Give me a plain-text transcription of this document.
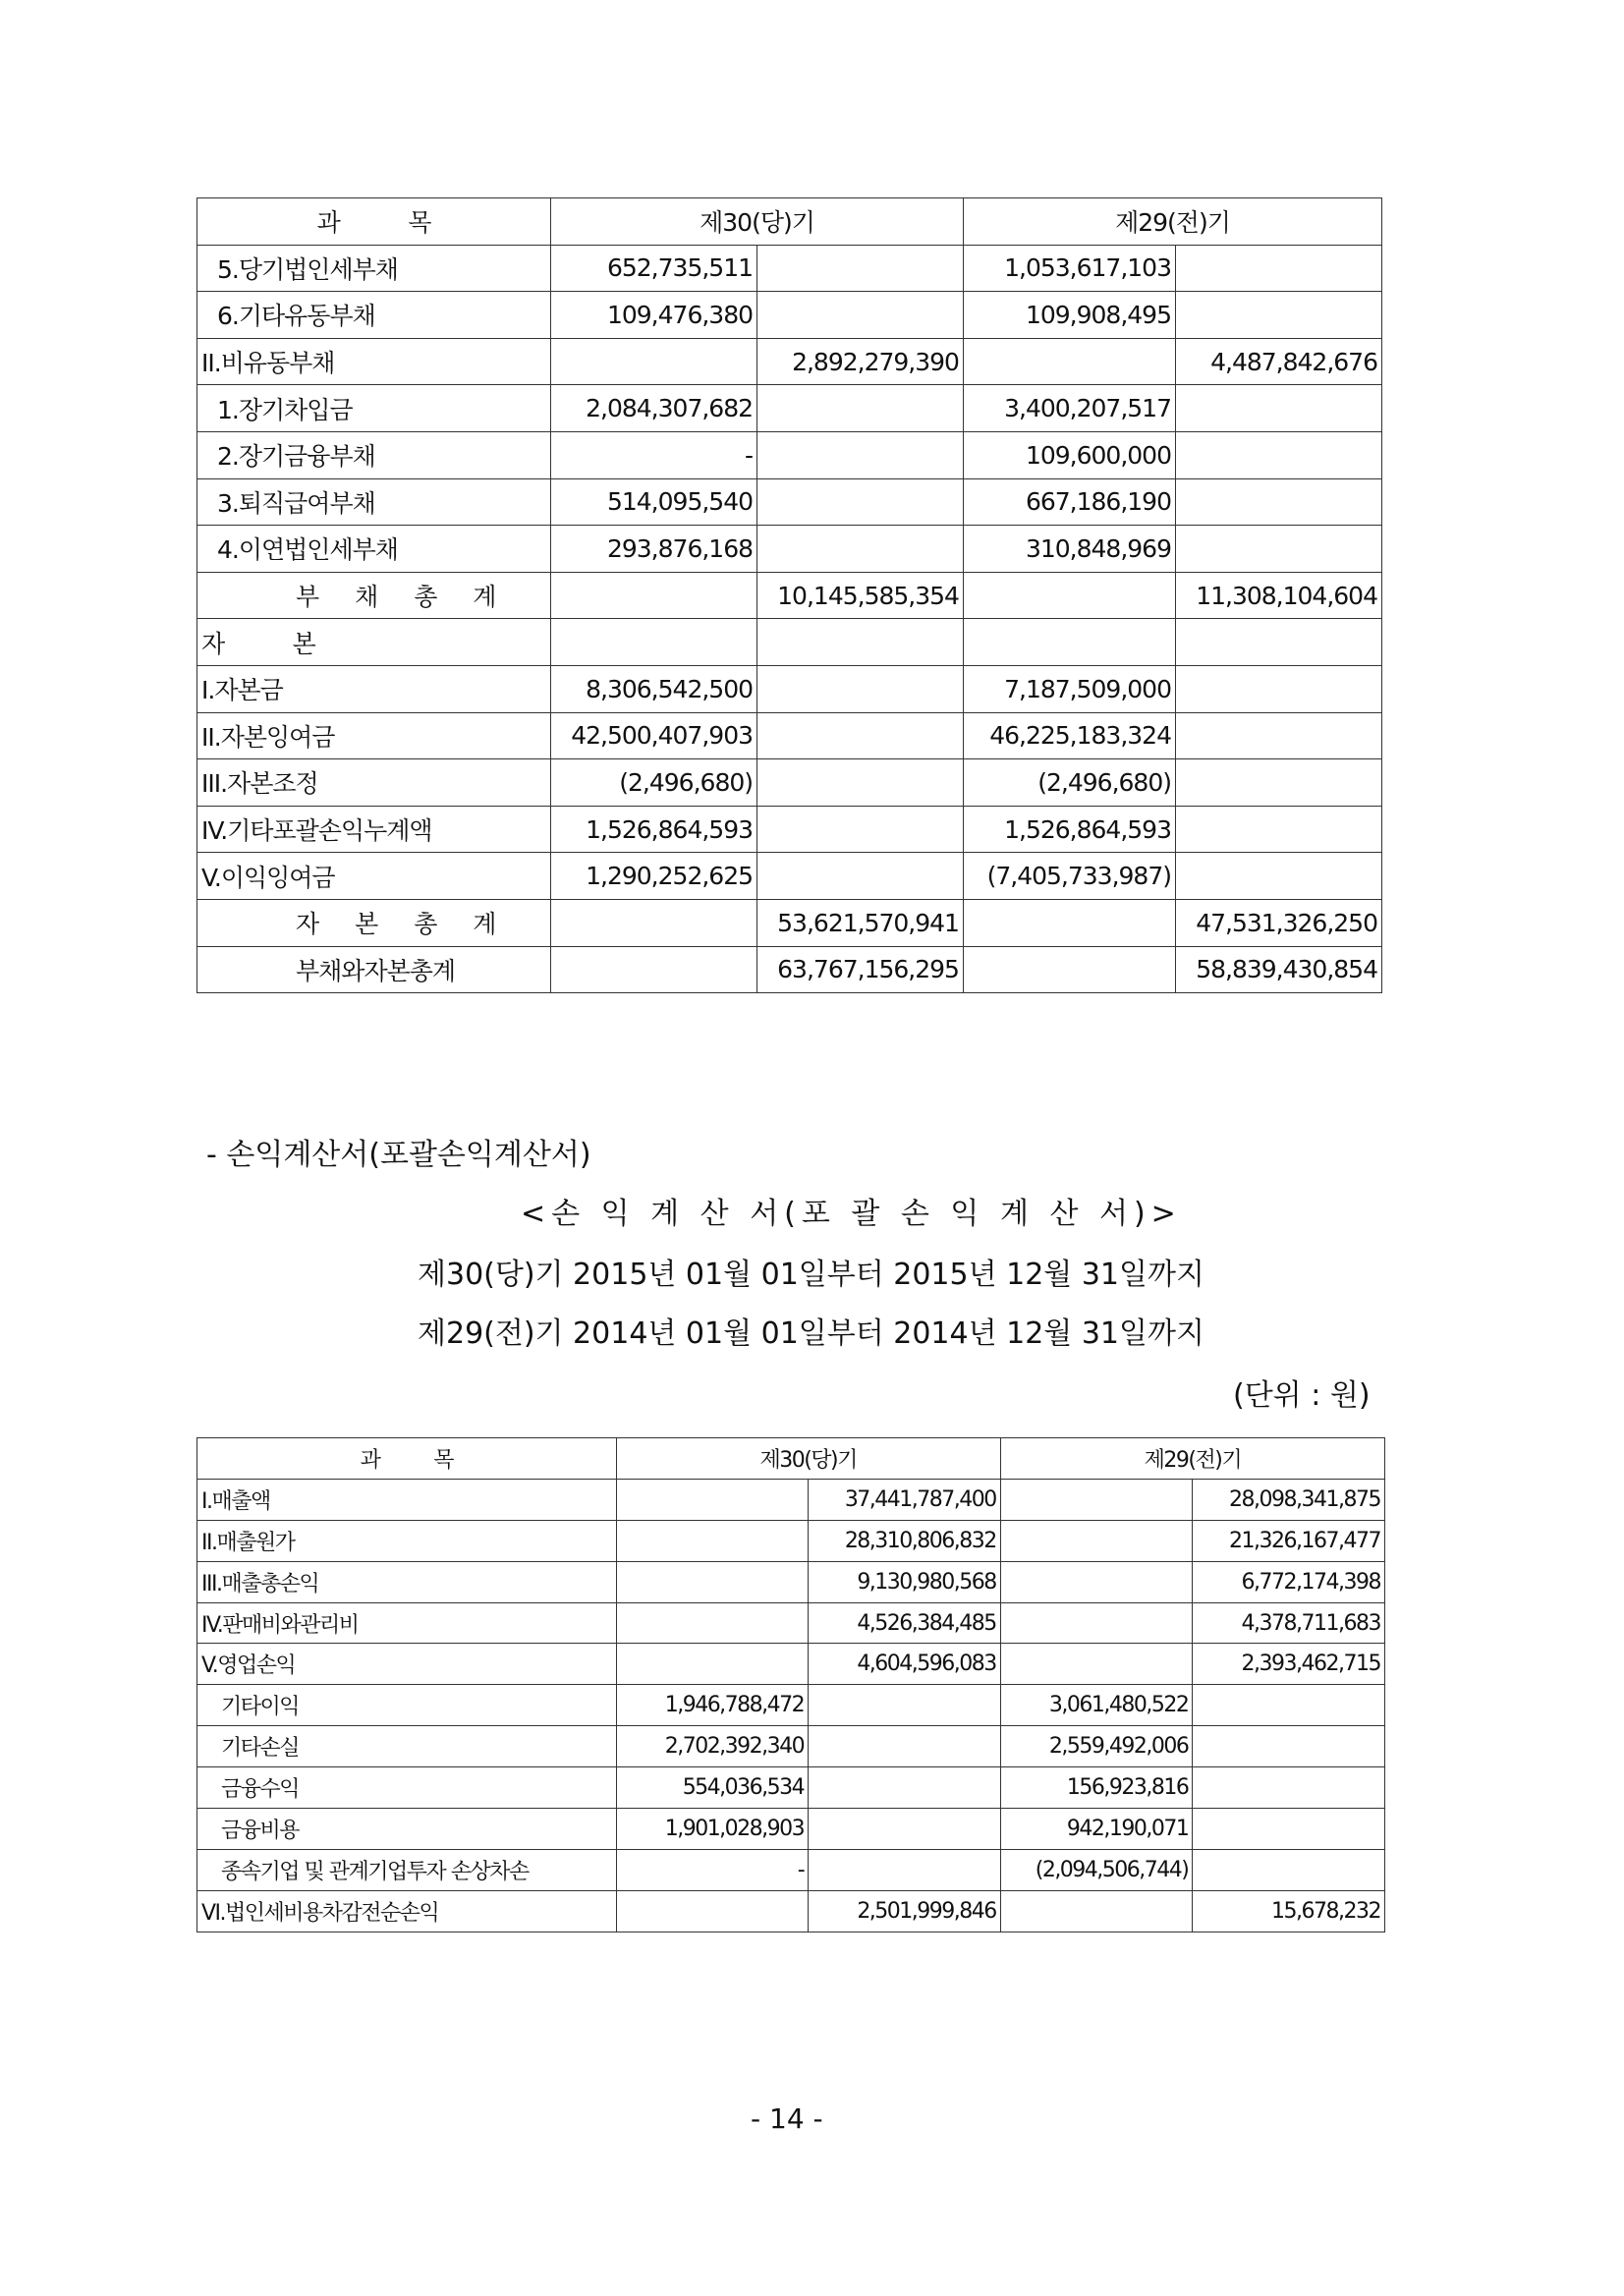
과          목	제30(당)기		제29(전)기	
5.당기법인세부채	652,735,511		1,053,617,103	
6.기타유동부채	109,476,380		109,908,495	
II.비유동부채		2,892,279,390		4,487,842,676
1.장기차입금	2,084,307,682		3,400,207,517	
2.장기금융부채	-		109,600,000	
3.퇴직급여부채	514,095,540		667,186,190	
4.이연법인세부채	293,876,168		310,848,969	
부 채 총 계		10,145,585,354		11,308,104,604
자          본				
I.자본금	8,306,542,500		7,187,509,000	
II.자본잉여금	42,500,407,903		46,225,183,324	
III.자본조정	(2,496,680)		(2,496,680)	
IV.기타포괄손익누계액	1,526,864,593		1,526,864,593	
V.이익잉여금	1,290,252,625		(7,405,733,987)	
자 본 총 계		53,621,570,941		47,531,326,250
부채와자본총계		63,767,156,295		58,839,430,854
- 손익계산서(포괄손익계산서)
<손 익 계 산 서(포 괄 손 익 계 산 서)>
제30(당)기 2015년 01월 01일부터 2015년 12월 31일까지
제29(전)기 2014년 01월 01일부터 2014년 12월 31일까지
(단위 : 원)
과          목	제30(당)기		제29(전)기	
I.매출액		37,441,787,400		28,098,341,875
II.매출원가		28,310,806,832		21,326,167,477
III.매출총손익		9,130,980,568		6,772,174,398
IV.판매비와관리비		4,526,384,485		4,378,711,683
V.영업손익		4,604,596,083		2,393,462,715
기타이익	1,946,788,472		3,061,480,522	
기타손실	2,702,392,340		2,559,492,006	
금융수익	554,036,534		156,923,816	
금융비용	1,901,028,903		942,190,071	
종속기업 및 관계기업투자 손상차손	-		(2,094,506,744)	
VI.법인세비용차감전순손익		2,501,999,846		15,678,232
- 14 -
